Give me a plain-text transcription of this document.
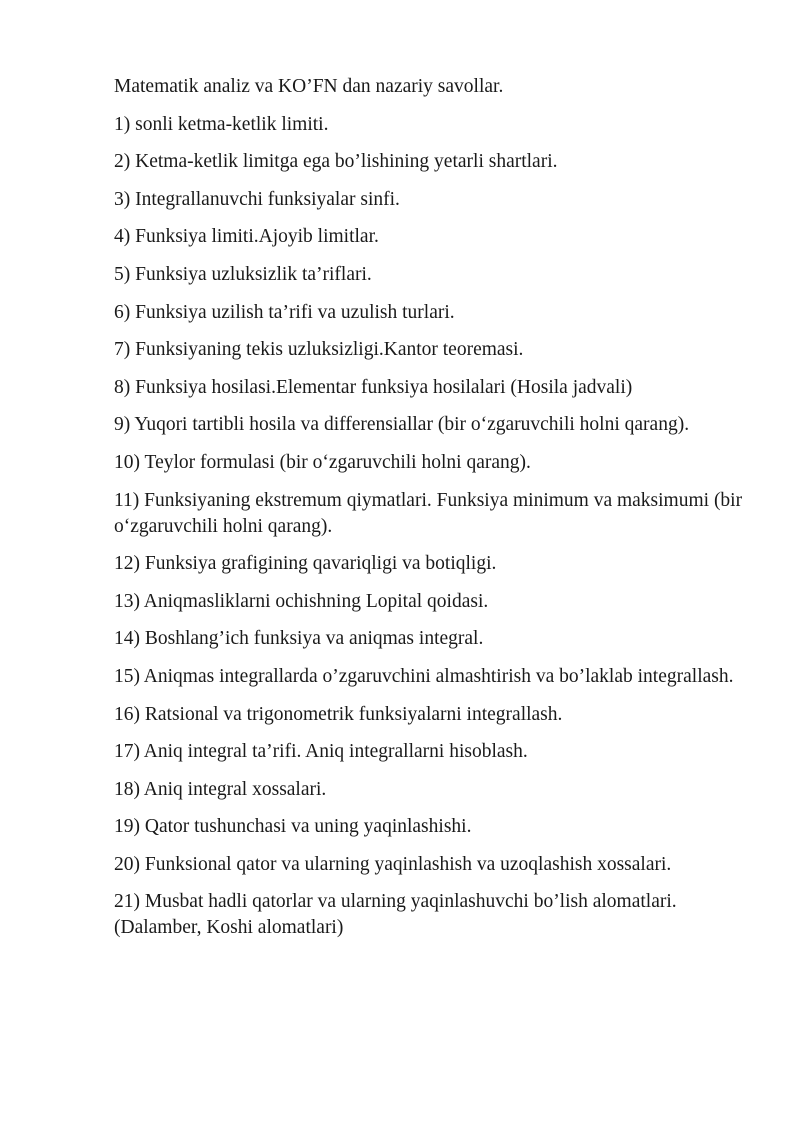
Matematik analiz va KO’FN dan nazariy savollar.
1) sonli ketma-ketlik limiti.
2) Ketma-ketlik limitga ega bo’lishining yetarli shartlari.
3) Integrallanuvchi funksiyalar sinfi.
4) Funksiya limiti.Ajoyib limitlar.
5) Funksiya uzluksizlik ta’riflari.
6) Funksiya uzilish ta’rifi va uzulish turlari.
7) Funksiyaning tekis uzluksizligi.Kantor teoremasi.
8) Funksiya hosilasi.Elementar funksiya hosilalari (Hosila jadvali)
9) Yuqori tartibli hosila va differensiallar (bir o‘zgaruvchili holni qarang).
10) Teylor formulasi (bir o‘zgaruvchili holni qarang).
11) Funksiyaning ekstremum qiymatlari. Funksiya minimum va maksimumi (bir o‘zgaruvchili holni qarang).
12) Funksiya grafigining qavariqligi va botiqligi.
13) Aniqmasliklarni ochishning Lopital qoidasi.
14) Boshlang’ich funksiya va aniqmas integral.
15) Aniqmas integrallarda o’zgaruvchini almashtirish va bo’laklab integrallash.
16) Ratsional va trigonometrik funksiyalarni integrallash.
17) Aniq integral ta’rifi. Aniq integrallarni hisoblash.
18) Aniq integral xossalari.
19) Qator tushunchasi va uning yaqinlashishi.
20) Funksional qator va ularning yaqinlashish va uzoqlashish xossalari.
21) Musbat hadli qatorlar va ularning yaqinlashuvchi bo’lish alomatlari. (Dalamber, Koshi alomatlari)
